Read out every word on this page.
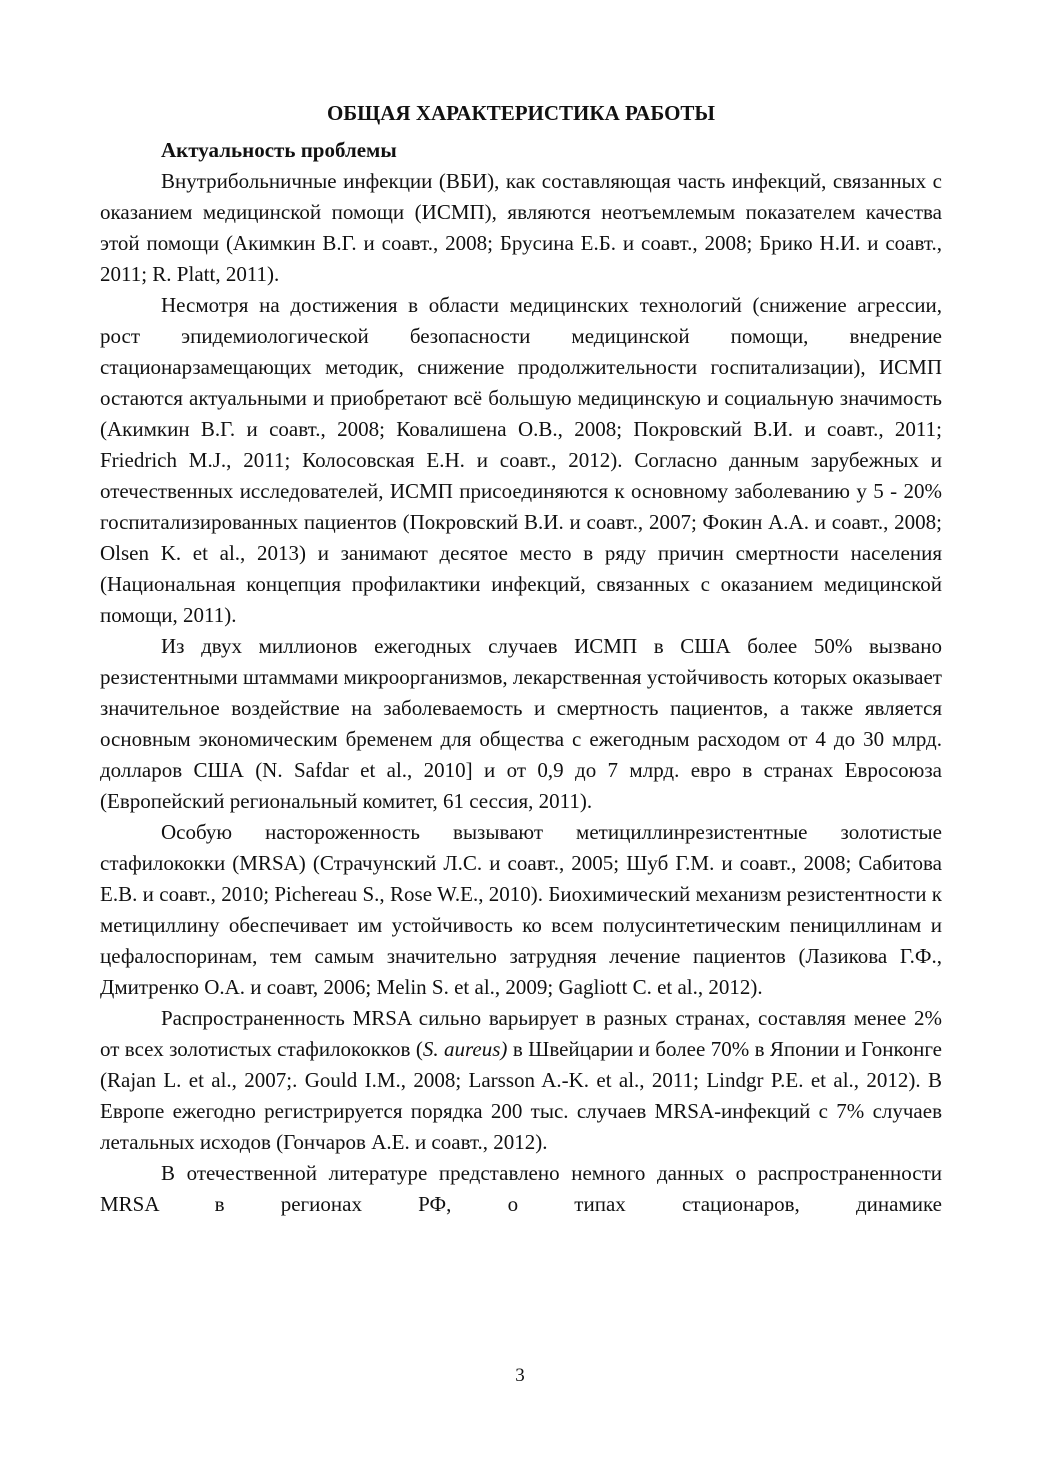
ОБЩАЯ ХАРАКТЕРИСТИКА РАБОТЫ
Актуальность проблемы

Внутрибольничные инфекции (ВБИ), как составляющая часть инфекций, связанных с оказанием медицинской помощи (ИСМП), являются неотъемлемым показателем качества этой помощи (Акимкин В.Г. и соавт., 2008; Брусина Е.Б. и соавт., 2008; Брико Н.И. и соавт., 2011; R. Platt, 2011).

Несмотря на достижения в области медицинских технологий (снижение агрессии, рост эпидемиологической безопасности медицинской помощи, внедрение стационарзамещающих методик, снижение продолжительности госпитализации), ИСМП остаются актуальными и приобретают всё большую медицинскую и социальную значимость (Акимкин В.Г. и соавт., 2008; Ковалишена О.В., 2008; Покровский В.И. и соавт., 2011; Friedrich M.J., 2011; Колосовская Е.Н. и соавт., 2012). Согласно данным зарубежных и отечественных исследователей, ИСМП присоединяются к основному заболеванию у 5 - 20% госпитализированных пациентов (Покровский В.И. и соавт., 2007; Фокин А.А. и соавт., 2008; Olsen K. et al., 2013) и занимают десятое место в ряду причин смертности населения (Национальная концепция профилактики инфекций, связанных с оказанием медицинской помощи, 2011).

Из двух миллионов ежегодных случаев ИСМП в США более 50% вызвано резистентными штаммами микроорганизмов, лекарственная устойчивость которых оказывает значительное воздействие на заболеваемость и смертность пациентов, а также является основным экономическим бременем для общества с ежегодным расходом от 4 до 30 млрд. долларов США (N. Safdar et al., 2010] и от 0,9 до 7 млрд. евро в странах Евросоюза (Европейский региональный комитет, 61 сессия, 2011).

Особую настороженность вызывают метициллинрезистентные золотистые стафилококки (MRSA) (Страчунский Л.С. и соавт., 2005; Шуб Г.М. и соавт., 2008; Сабитова Е.В. и соавт., 2010; Pichereau S., Rose W.E., 2010). Биохимический механизм резистентности к метициллину обеспечивает им устойчивость ко всем полусинтетическим пенициллинам и цефалоспоринам, тем самым значительно затрудняя лечение пациентов (Лазикова Г.Ф., Дмитренко О.А. и соавт, 2006; Melin S. et al., 2009; Gagliott C. et al., 2012).

Распространенность MRSA сильно варьирует в разных странах, составляя менее 2% от всех золотистых стафилококков (S. aureus) в Швейцарии и более 70% в Японии и Гонконге (Rajan L. et al., 2007;. Gould I.M., 2008; Larsson A.-K. et al., 2011; Lindgr P.E. et al., 2012). В Европе ежегодно регистрируется порядка 200 тыс. случаев MRSA-инфекций с 7% случаев летальных исходов (Гончаров А.Е. и соавт., 2012).

В отечественной литературе представлено немного данных о распространенности MRSA в регионах РФ, о типах стационаров, динамике

3
